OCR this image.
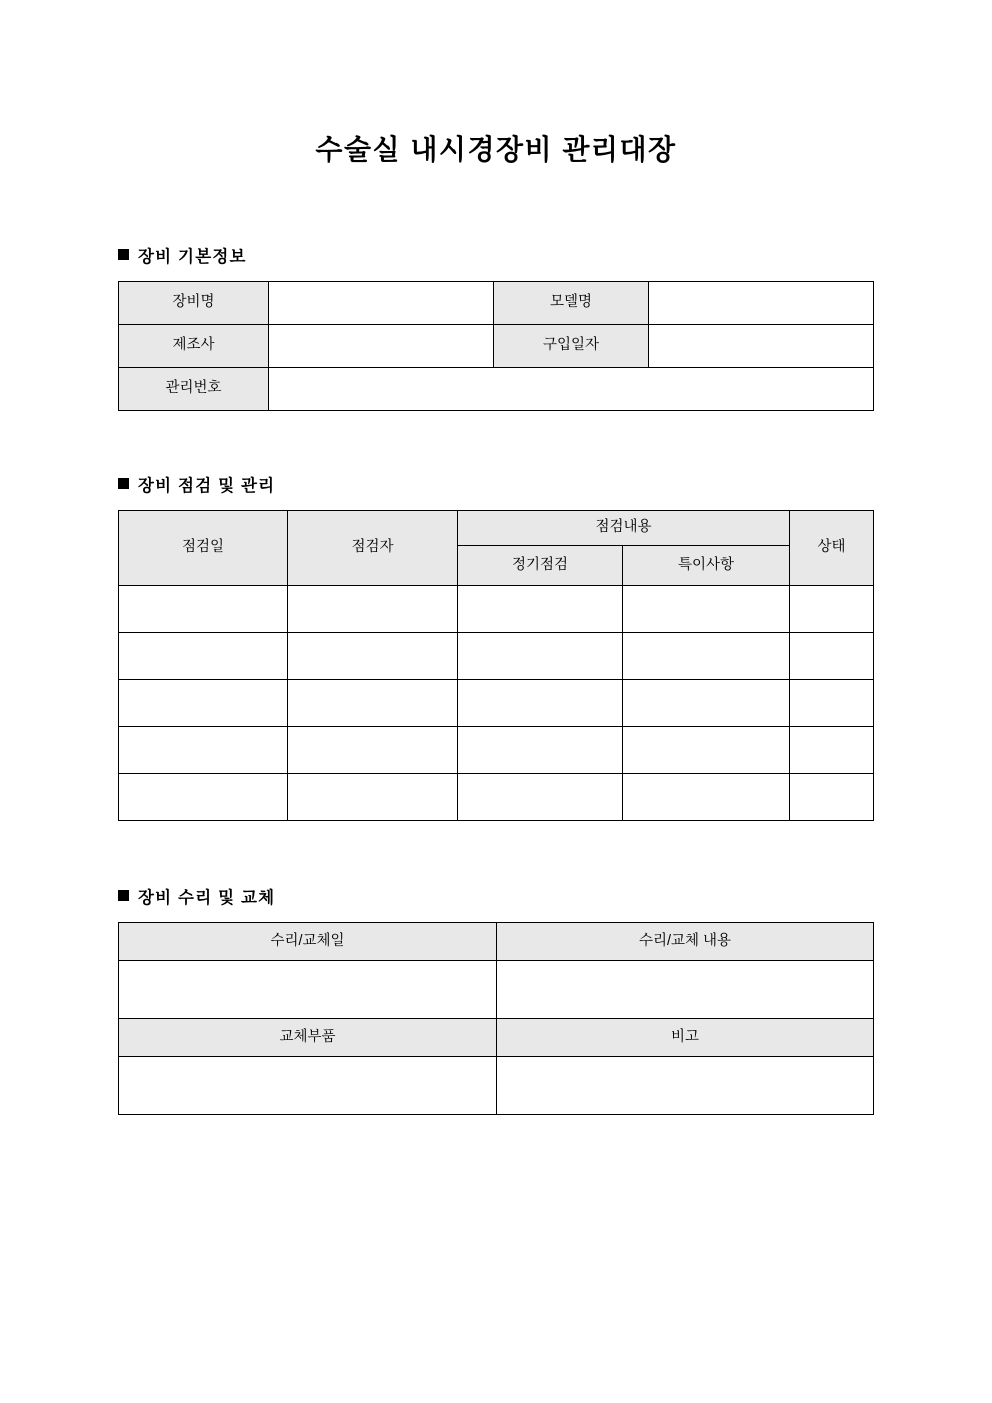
수술실 내시경장비 관리대장
장비 기본정보
장비명		모델명	
제조사		구입일자	
관리번호			
장비 점검 및 관리
점검일	점검자	점검내용		상태
		정기점검	특이사항	

장비 수리 및 교체
수리/교체일	수리/교체 내용

교체부품	비고
